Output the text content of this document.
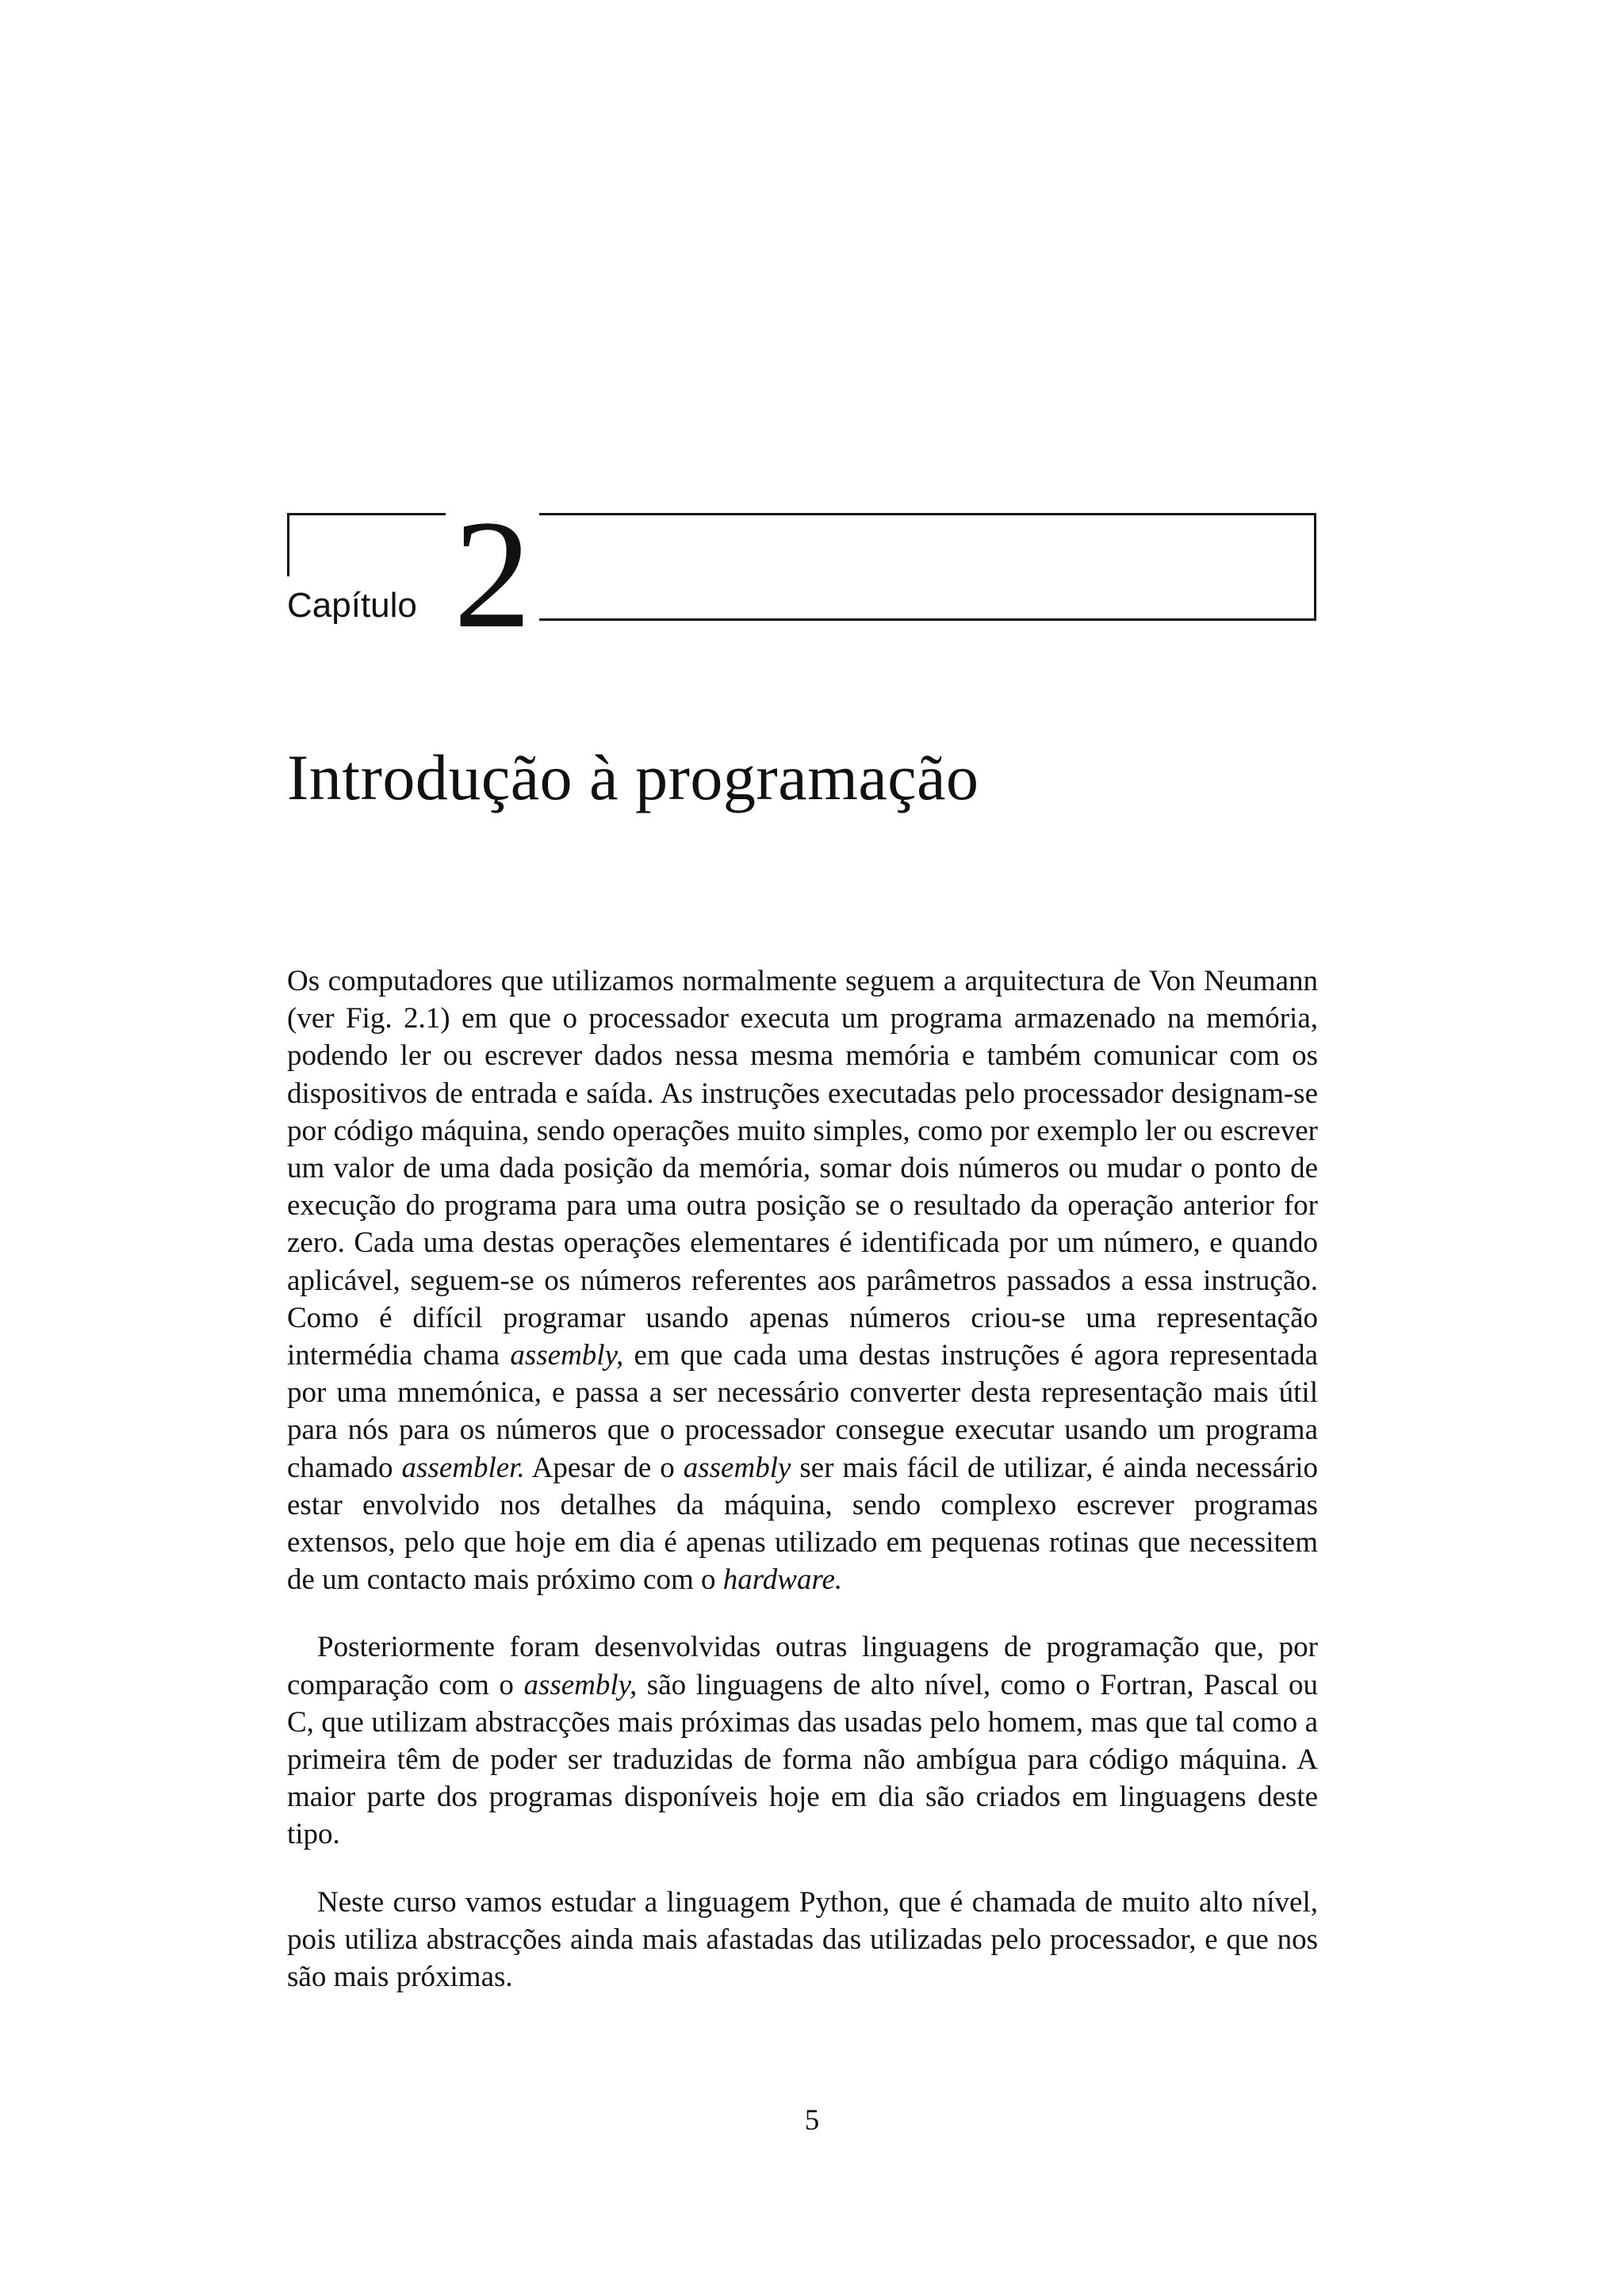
Capítulo 2
Introdução à programação

Os computadores que utilizamos normalmente seguem a arquitectura de Von Neumann (ver Fig. 2.1) em que o processador executa um programa armazenado na memória, podendo ler ou escrever dados nessa mesma memória e também comunicar com os dispositivos de entrada e saída. As instruções executadas pelo processador designam-se por código máquina, sendo operações muito simples, como por exemplo ler ou escrever um valor de uma dada posição da memória, somar dois números ou mudar o ponto de execução do programa para uma outra posição se o resultado da operação anterior for zero. Cada uma destas operações elementares é identificada por um número, e quando aplicável, seguem-se os números referentes aos parâmetros passados a essa instrução. Como é difícil programar usando apenas números criou-se uma representação intermédia chama assembly, em que cada uma destas instruções é agora representada por uma mnemónica, e passa a ser necessário converter desta representação mais útil para nós para os números que o processador consegue executar usando um programa chamado assembler. Apesar de o assembly ser mais fácil de utilizar, é ainda necessário estar envolvido nos detalhes da máquina, sendo complexo escrever programas extensos, pelo que hoje em dia é apenas utilizado em pequenas rotinas que necessitem de um contacto mais próximo com o hardware.

Posteriormente foram desenvolvidas outras linguagens de programação que, por comparação com o assembly, são linguagens de alto nível, como o Fortran, Pascal ou C, que utilizam abstracções mais próximas das usadas pelo homem, mas que tal como a primeira têm de poder ser traduzidas de forma não ambígua para código máquina. A maior parte dos programas disponíveis hoje em dia são criados em linguagens deste tipo.

Neste curso vamos estudar a linguagem Python, que é chamada de muito alto nível, pois utiliza abstracções ainda mais afastadas das utilizadas pelo processador, e que nos são mais próximas.

5
